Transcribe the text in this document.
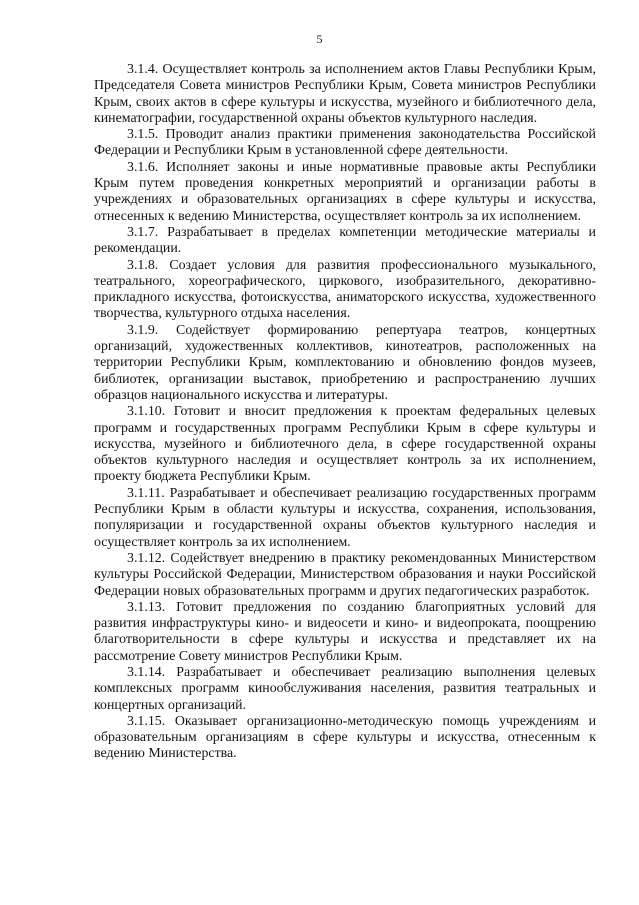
5

3.1.4. Осуществляет контроль за исполнением актов Главы Республики Крым, Председателя Совета министров Республики Крым, Совета министров Республики Крым, своих актов в сфере культуры и искусства, музейного и библиотечного дела, кинематографии, государственной охраны объектов культурного наследия.

3.1.5. Проводит анализ практики применения законодательства Российской Федерации и Республики Крым в установленной сфере деятельности.

3.1.6. Исполняет законы и иные нормативные правовые акты Республики Крым путем проведения конкретных мероприятий и организации работы в учреждениях и образовательных организациях в сфере культуры и искусства, отнесенных к ведению Министерства, осуществляет контроль за их исполнением.

3.1.7. Разрабатывает в пределах компетенции методические материалы и рекомендации.

3.1.8. Создает условия для развития профессионального музыкального, театрального, хореографического, циркового, изобразительного, декоративно-прикладного искусства, фотоискусства, аниматорского искусства, художественного творчества, культурного отдыха населения.

3.1.9. Содействует формированию репертуара театров, концертных организаций, художественных коллективов, кинотеатров, расположенных на территории Республики Крым, комплектованию и обновлению фондов музеев, библиотек, организации выставок, приобретению и распространению лучших образцов национального искусства и литературы.

3.1.10. Готовит и вносит предложения к проектам федеральных целевых программ и государственных программ Республики Крым в сфере культуры и искусства, музейного и библиотечного дела, в сфере государственной охраны объектов культурного наследия и осуществляет контроль за их исполнением, проекту бюджета Республики Крым.

3.1.11. Разрабатывает и обеспечивает реализацию государственных программ Республики Крым в области культуры и искусства, сохранения, использования, популяризации и государственной охраны объектов культурного наследия и осуществляет контроль за их исполнением.

3.1.12. Содействует внедрению в практику рекомендованных Министерством культуры Российской Федерации, Министерством образования и науки Российской Федерации новых образовательных программ и других педагогических разработок.

3.1.13. Готовит предложения по созданию благоприятных условий для развития инфраструктуры кино- и видеосети и кино- и видеопроката, поощрению благотворительности в сфере культуры и искусства и представляет их на рассмотрение Совету министров Республики Крым.

3.1.14. Разрабатывает и обеспечивает реализацию выполнения целевых комплексных программ кинообслуживания населения, развития театральных и концертных организаций.

3.1.15. Оказывает организационно-методическую помощь учреждениям и образовательным организациям в сфере культуры и искусства, отнесенным к ведению Министерства.
